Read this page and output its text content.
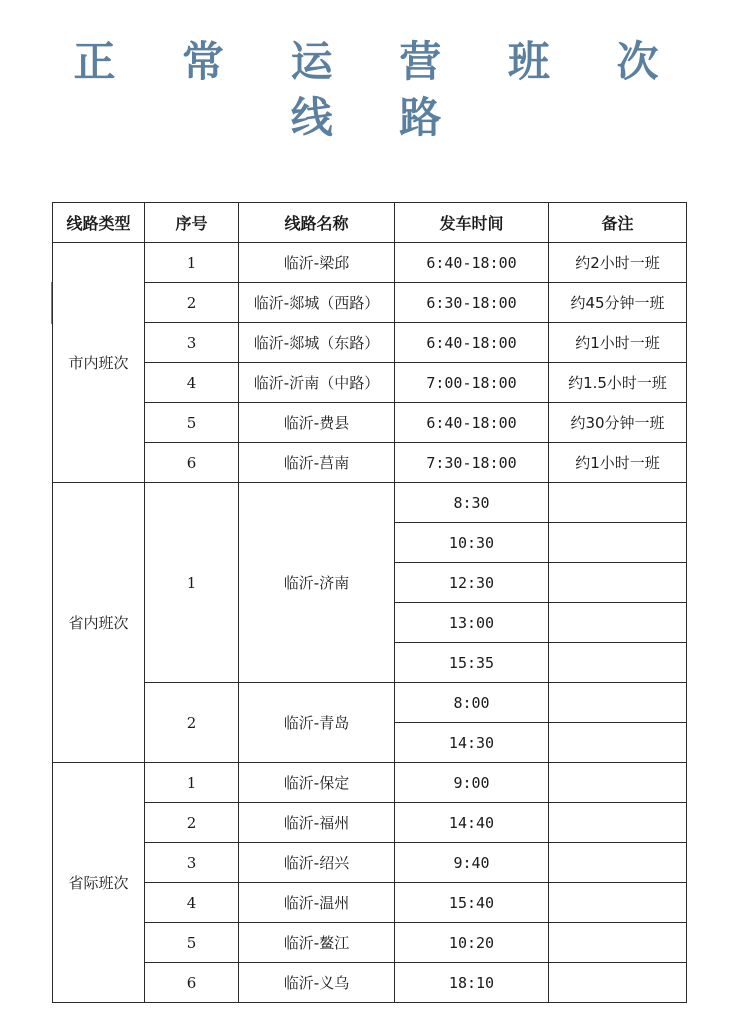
正 常 运 营 班 次 线 路
线路类型	序号	线路名称	发车时间	备注
市内班次	1	临沂-梁邱	6:40-18:00	约2小时一班
	2	临沂-郯城（西路）	6:30-18:00	约45分钟一班
	3	临沂-郯城（东路）	6:40-18:00	约1小时一班
	4	临沂-沂南（中路）	7:00-18:00	约1.5小时一班
	5	临沂-费县	6:40-18:00	约30分钟一班
	6	临沂-莒南	7:30-18:00	约1小时一班
省内班次	1	临沂-济南	8:30	
			10:30	
			12:30	
			13:00	
			15:35	
	2	临沂-青岛	8:00	
			14:30	
省际班次	1	临沂-保定	9:00	
	2	临沂-福州	14:40	
	3	临沂-绍兴	9:40	
	4	临沂-温州	15:40	
	5	临沂-鳌江	10:20	
	6	临沂-义乌	18:10	
